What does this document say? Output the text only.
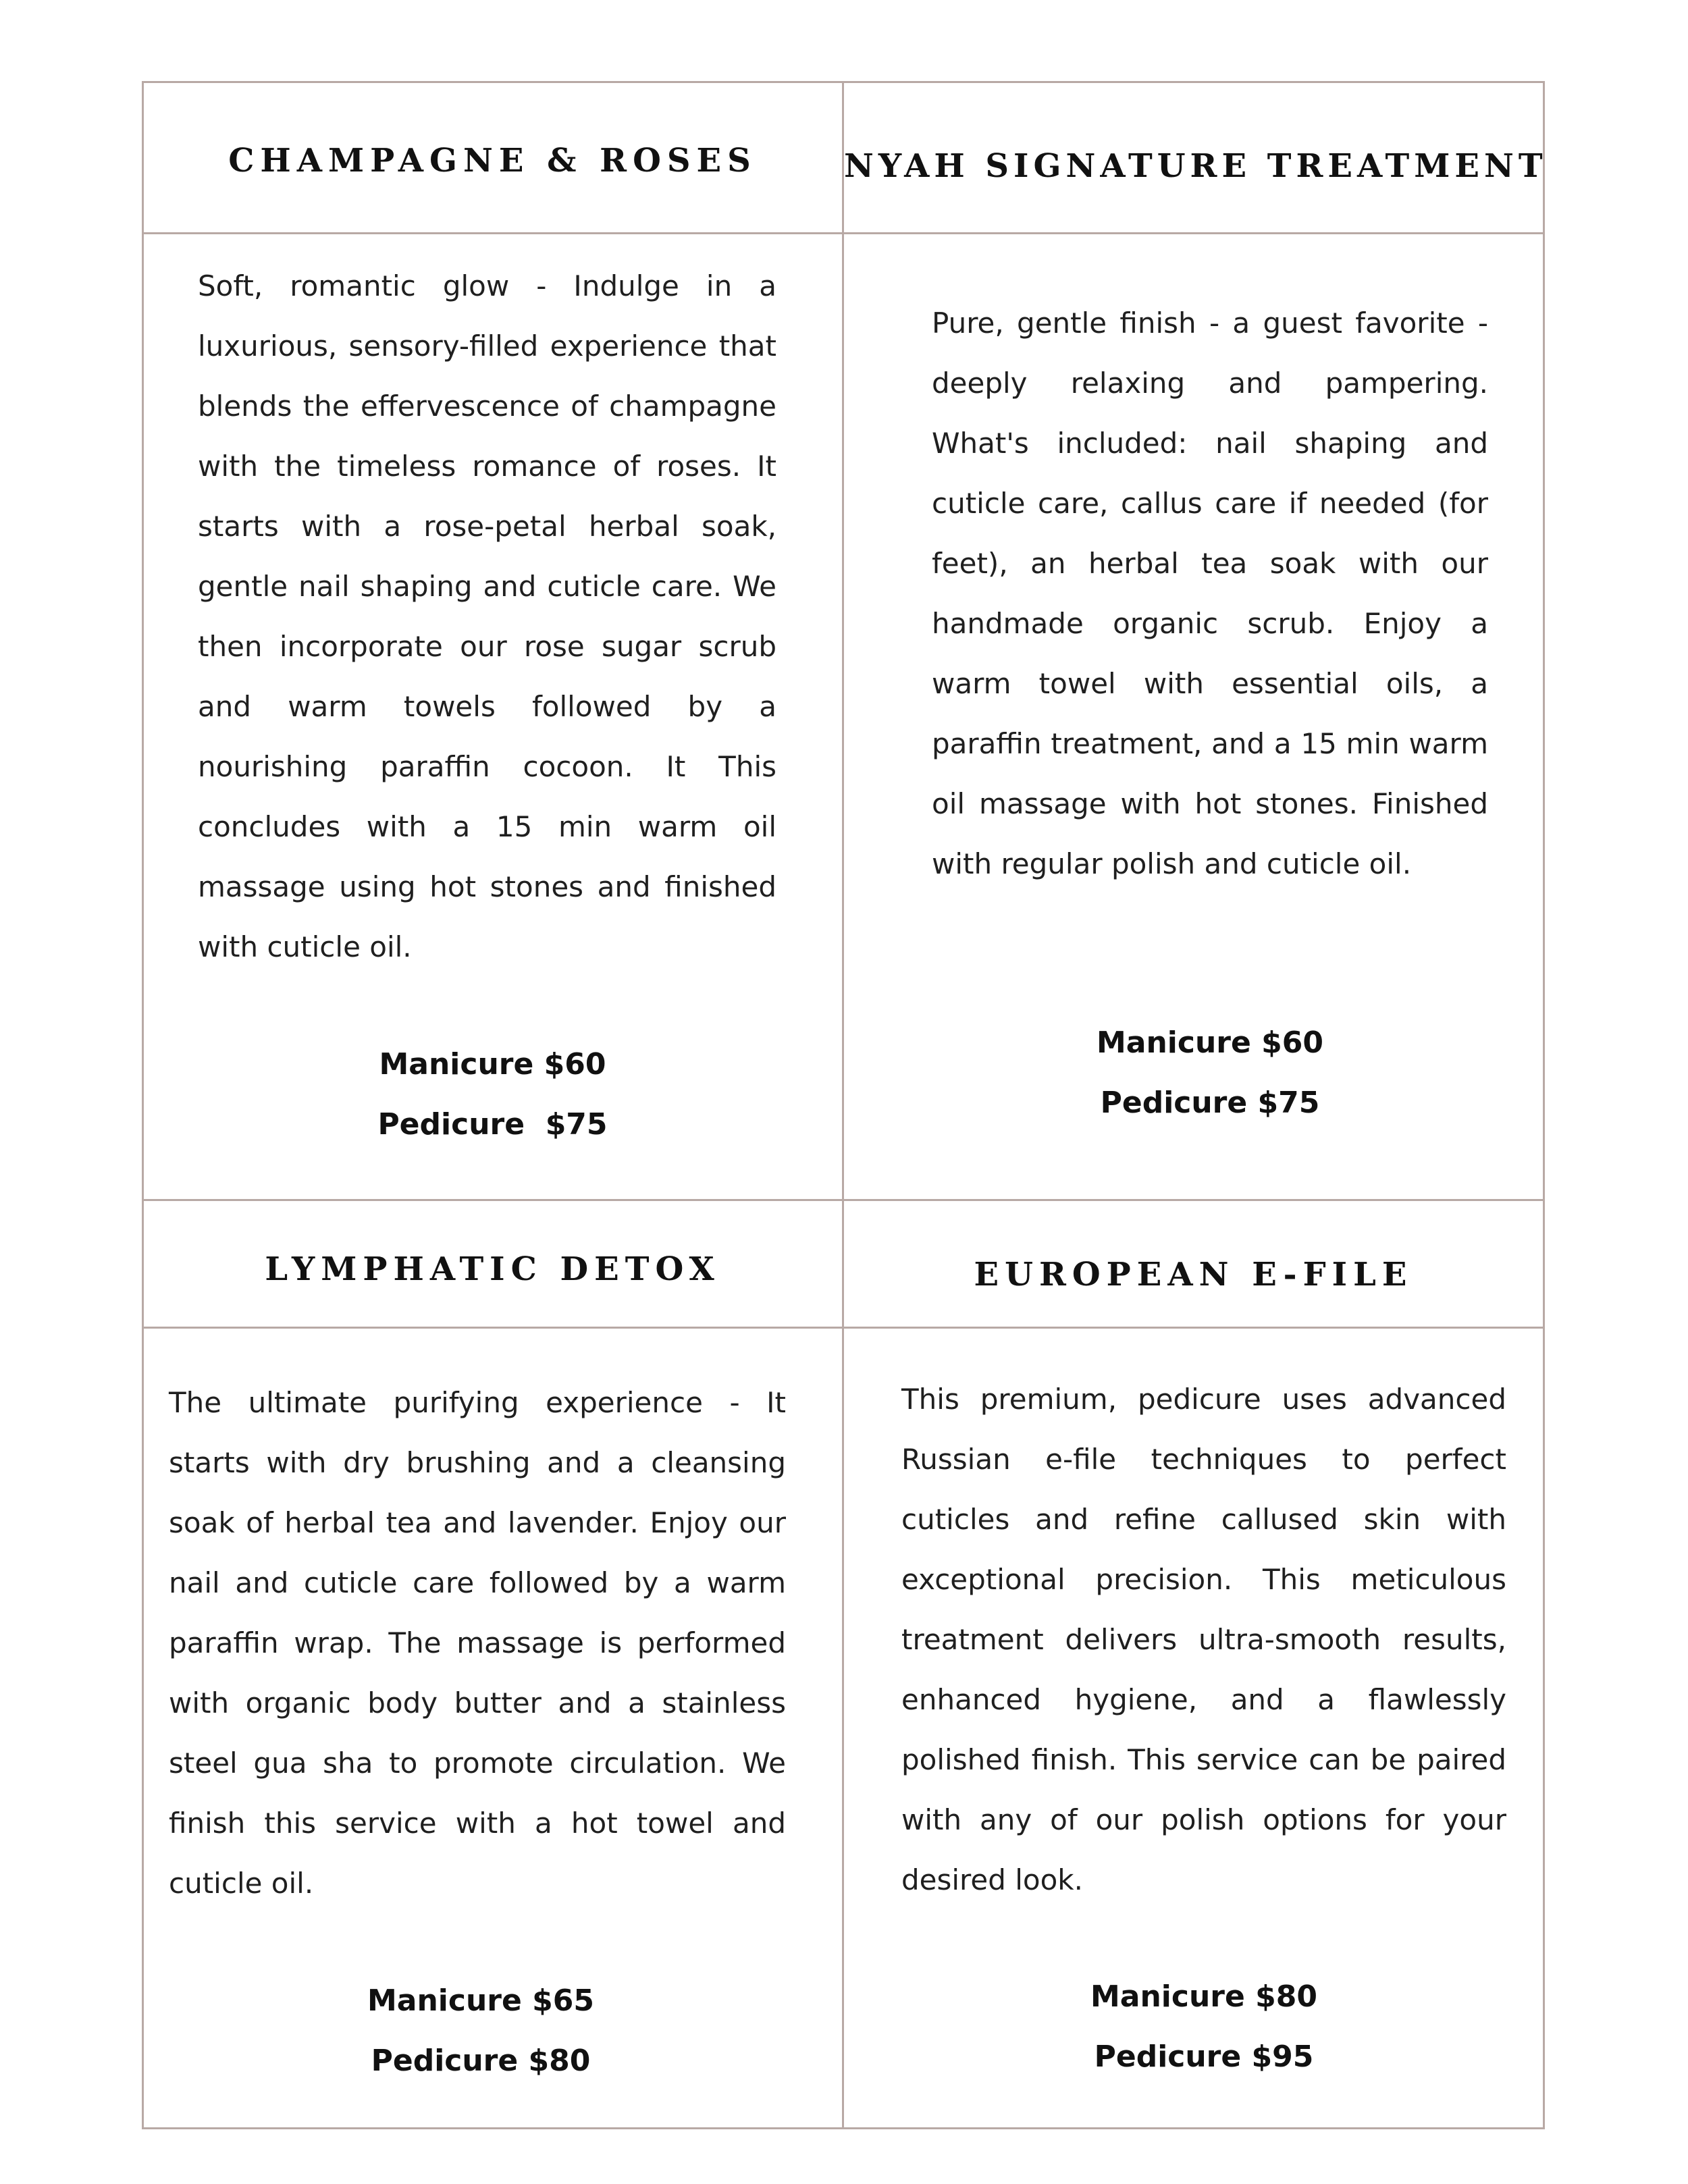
CHAMPAGNE & ROSES

Soft, romantic glow - Indulge in a luxurious, sensory-filled experience that blends the effervescence of champagne with the timeless romance of roses. It starts with a rose-petal herbal soak, gentle nail shaping and cuticle care. We then incorporate our rose sugar scrub and warm towels followed by a nourishing paraffin cocoon. It This concludes with a 15 min warm oil massage using hot stones and finished with cuticle oil.

Manicure $60
Pedicure  $75
NYAH SIGNATURE TREATMENT

Pure, gentle finish - a guest favorite - deeply relaxing and pampering. What's included: nail shaping and cuticle care, callus care if needed (for feet), an herbal tea soak with our handmade organic scrub. Enjoy a warm towel with essential oils, a paraffin treatment, and a 15 min warm oil massage with hot stones. Finished with regular polish and cuticle oil.

Manicure $60
Pedicure $75
LYMPHATIC DETOX

The ultimate purifying experience - It starts with dry brushing and a cleansing soak of herbal tea and lavender. Enjoy our nail and cuticle care followed by a warm paraffin wrap. The massage is performed with organic body butter and a stainless steel gua sha to promote circulation. We finish this service with a hot towel and cuticle oil.

Manicure $65
Pedicure $80
EUROPEAN E-FILE

This premium, pedicure uses advanced Russian e-file techniques to perfect cuticles and refine callused skin with exceptional precision. This meticulous treatment delivers ultra-smooth results, enhanced hygiene, and a flawlessly polished finish. This service can be paired with any of our polish options for your desired look.

Manicure $80
Pedicure $95
